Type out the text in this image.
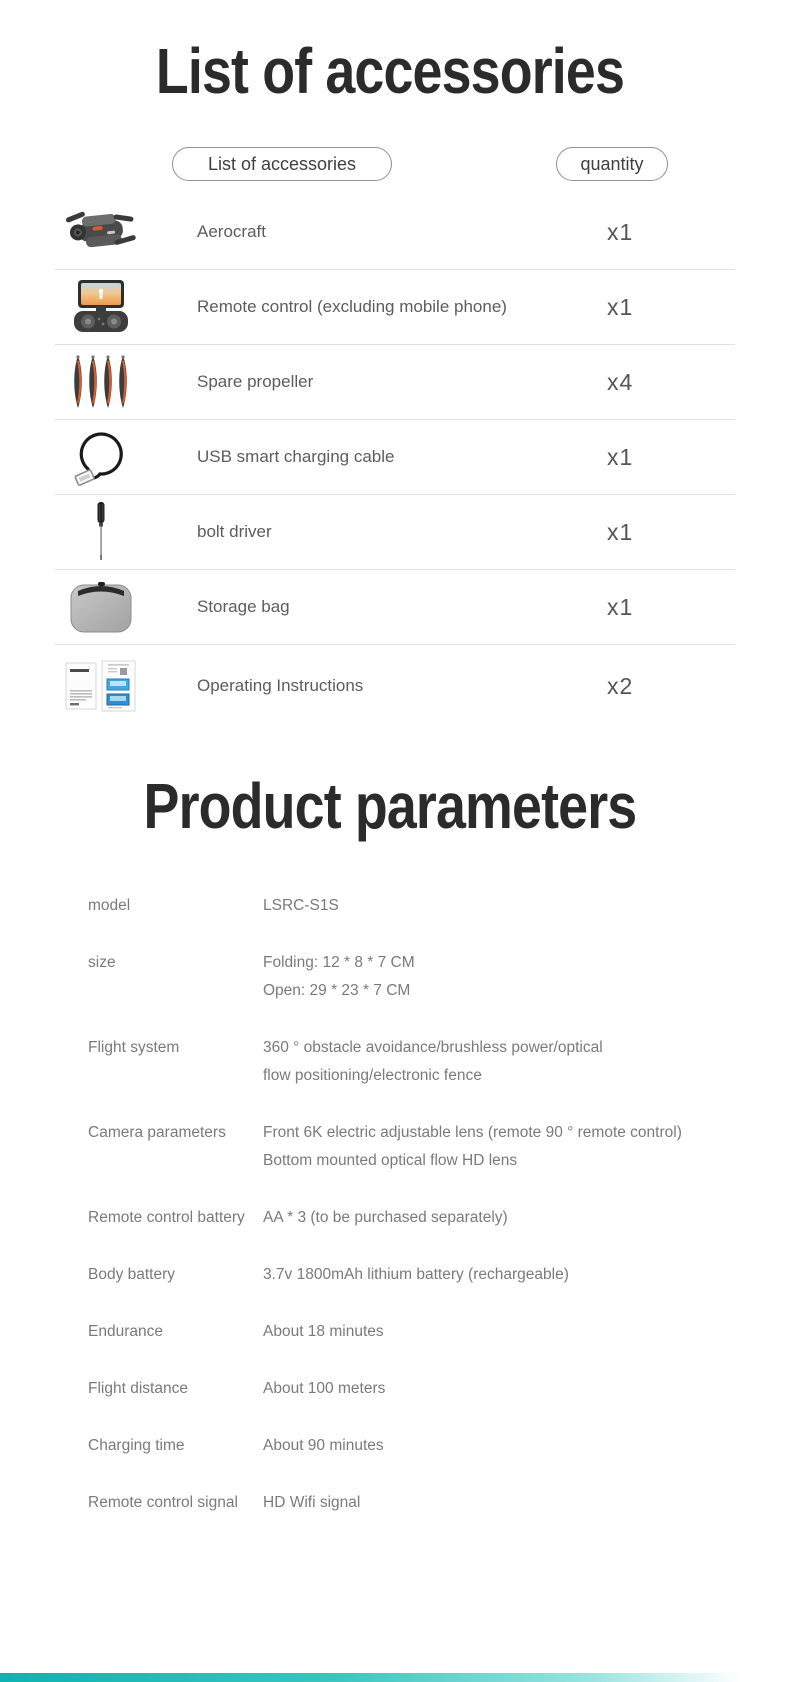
List of accessories
List of accessories	quantity
Aerocraft	x1
Remote control (excluding mobile phone)	x1
Spare propeller	x4
USB smart charging cable	x1
bolt driver	x1
Storage bag	x1
Operating Instructions	x2
Product parameters
model	LSRC-S1S
size	Folding: 12 * 8 * 7 CM
Open: 29 * 23 * 7 CM
Flight system	360 ° obstacle avoidance/brushless power/optical
flow positioning/electronic fence
Camera parameters	Front 6K electric adjustable lens (remote 90 ° remote control)
Bottom mounted optical flow HD lens
Remote control battery	AA * 3 (to be purchased separately)
Body battery	3.7v 1800mAh lithium battery (rechargeable)
Endurance	About 18 minutes
Flight distance	About 100 meters
Charging time	About 90 minutes
Remote control signal	HD Wifi signal
